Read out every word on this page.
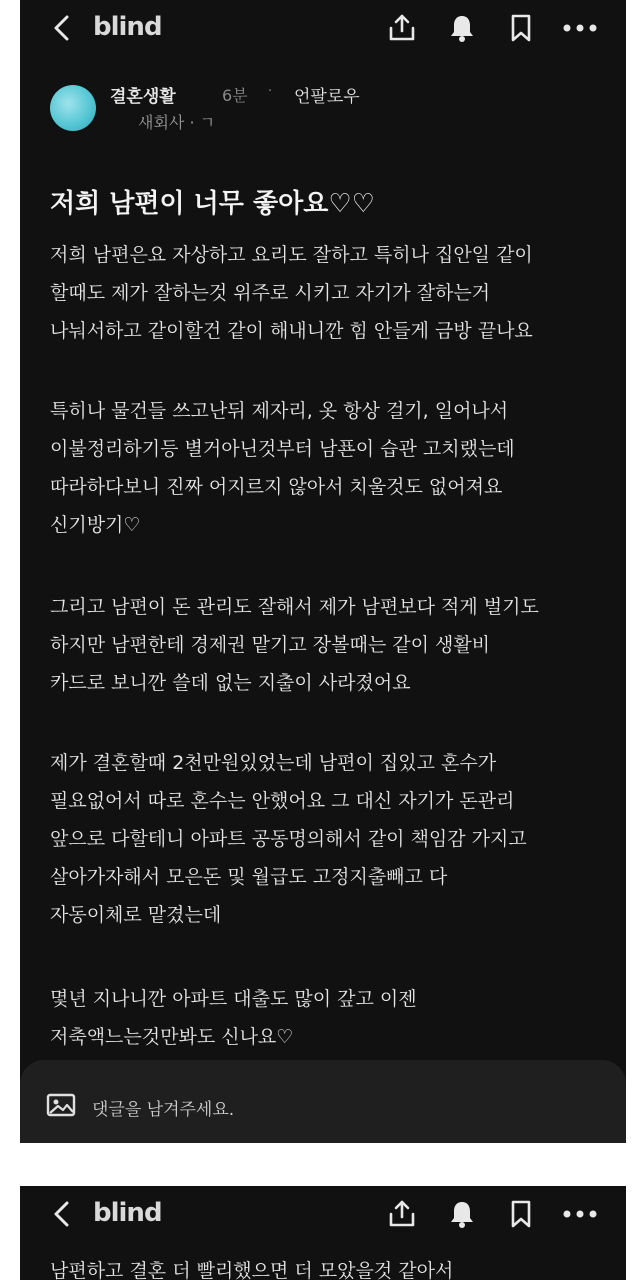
blind
결혼생활	6분 · 언팔로우
새회사 · ㄱ
저희 남편이 너무 좋아요♡♡
저희 남편은요 자상하고 요리도 잘하고 특히나 집안일 같이
할때도 제가 잘하는것 위주로 시키고 자기가 잘하는거
나눠서하고 같이할건 같이 해내니깐 힘 안들게 금방 끝나요
특히나 물건들 쓰고난뒤 제자리, 옷 항상 걸기, 일어나서
이불정리하기등 별거아닌것부터 남푠이 습관 고치랬는데
따라하다보니 진짜 어지르지 않아서 치울것도 없어져요
신기방기♡
그리고 남편이 돈 관리도 잘해서 제가 남편보다 적게 벌기도
하지만 남편한테 경제권 맡기고 장볼때는 같이 생활비
카드로 보니깐 쓸데 없는 지출이 사라졌어요
제가 결혼할때 2천만원있었는데 남편이 집있고 혼수가
필요없어서 따로 혼수는 안했어요 그 대신 자기가 돈관리
앞으로 다할테니 아파트 공동명의해서 같이 책임감 가지고
살아가자해서 모은돈 및 월급도 고정지출빼고 다
자동이체로 맡겼는데
몇년 지나니깐 아파트 대출도 많이 갚고 이젠
저축액느는것만봐도 신나요♡
댓글을 남겨주세요.
blind
남편하고 결혼 더 빨리했으면 더 모았을것 같아서
